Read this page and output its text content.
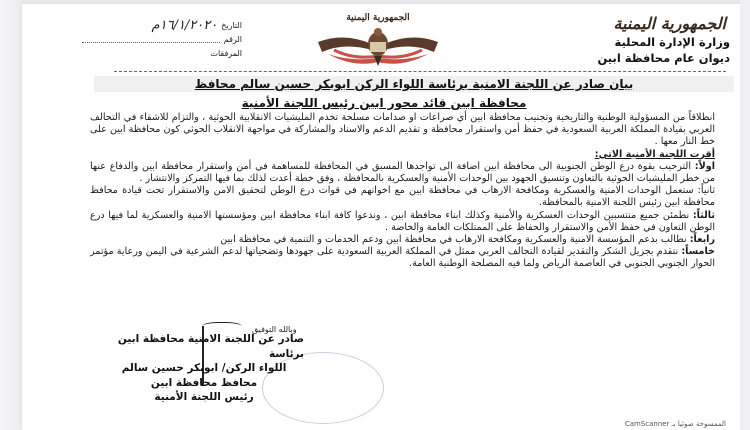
الجمهورية اليمنية
وزارة الإدارة المحلية
ديوان عام محافظة ابين
الجمهورية اليمنية
التاريخ
١٦/١/٢٠٢٠م
الرقم
المرفقات
بيان صادر عن اللجنة الامنية برئاسة اللواء الركن ابوبكر حسين سالم محافظ
محافظة ابين قائد محور ابين رئيس اللجنة الأمنية

انطلاقاً من المسؤولية الوطنية والتاريخية وتجنيب محافظة ابين أي صراعات او صدامات مسلحة تخدم المليشيات الانقلابية الحوثية ، والتزام للاشقاء في التحالف العربي بقيادة المملكة العربية السعودية في حفظ أمن واستقرار محافظة و تقديم الدعم والاسناد والمشاركة في مواجهة الانقلاب الحوثي كون محافظة ابين على خط النار معها .

أقرت اللجنة الأمنية الاتي:

اولاً: الترحيب بقوة درع الوطن الجنوبية الى محافظة ابين اضافة الى تواجدها المسبق في المحافظة للمساهمة في أمن واستقرار محافظة ابين والدفاع عنها من خطر المليشيات الحوثية بالتعاون وتنسيق الجهود بين الوحدات الأمنية والعسكرية بالمحافظة ، وفق خطة أعدت لذلك بما فيها التمركز والانتشار .

ثانياً: ستعمل الوحدات الامنية والعسكرية ومكافحة الارهاب في محافظة ابين مع اخوانهم في قوات درع الوطن لتحقيق الامن والاستقرار تحت قيادة محافظ محافظة ابين رئيس اللجنة الامنية بالمحافظة.

ثالثاً: نطمئن جميع منتسبين الوحدات العسكرية والأمنية وكذلك ابناء محافظة ابين ، وندعوا كافة ابناء محافظة ابين ومؤسستها الامنية والعسكرية لما فيها درع الوطن التعاون في حفظ الأمن والاستقرار والحفاظ على الممتلكات العامة والخاصة .

رابعاً: نطالب بدعم المؤسسة الامنية والعسكرية ومكافحة الارهاب في محافظة ابين ودعم الخدمات و التنمية في محافظة ابين

خامساً: نتقدم بجزيل الشكر والتقدير لقيادة التحالف العربي ممثل في المملكة العربية السعودية على جهودها وتضحياتها لدعم الشرعية في اليمن ورعاية مؤتمر الحوار الجنوبي الجنوبي في العاصمة الرياض ولما فيه المصلحة الوطنية العامة.

وبالله التوفيق
صادر عن اللجنة الامنية محافظة ابين برئاسة
اللواء الركن/ ابوبكر حسين سالم
محافظ محافظة ابين
رئيس اللجنة الأمنية
الممسوحة ضوئيا بـ CamScanner
